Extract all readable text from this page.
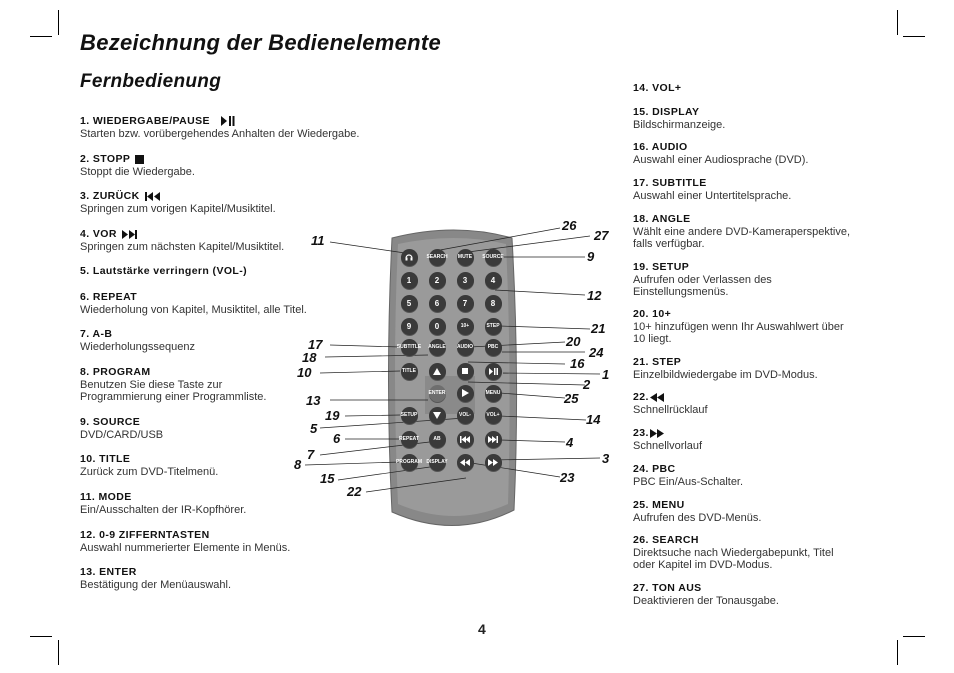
Bezeichnung der Bedienelemente
Fernbedienung
1. WIEDERGABE/PAUSE
Starten bzw. vorübergehendes Anhalten der Wiedergabe.
2. STOPP
Stoppt die Wiedergabe.
3. ZURÜCK
Springen zum vorigen Kapitel/Musiktitel.
4. VOR
Springen zum nächsten Kapitel/Musiktitel.
5. Lautstärke verringern (VOL-)
6. REPEAT
Wiederholung von Kapitel, Musiktitel, alle Titel.
7. A-B
Wiederholungssequenz
8. PROGRAM
Benutzen Sie diese Taste zur
Programmierung einer Programmliste.
9. SOURCE
DVD/CARD/USB
10. TITLE
Zurück zum DVD-Titelmenü.
11. MODE
Ein/Ausschalten der IR-Kopfhörer.
12. 0-9 ZIFFERNTASTEN
Auswahl nummerierter Elemente in Menüs.
13. ENTER
Bestätigung der Menüauswahl.
14. VOL+
15. DISPLAY
Bildschirmanzeige.
16. AUDIO
Auswahl einer Audiosprache (DVD).
17. SUBTITLE
Auswahl einer Untertitelsprache.
18. ANGLE
Wählt eine andere DVD-Kameraperspektive,
falls verfügbar.
19. SETUP
Aufrufen oder Verlassen des
Einstellungsmenüs.
20. 10+
10+ hinzufügen wenn Ihr Auswahlwert über
10 liegt.
21. STEP
Einzelbildwiedergabe im DVD-Modus.
22.
Schnellrücklauf
23.
Schnellvorlauf
24. PBC
PBC Ein/Aus-Schalter.
25. MENU
Aufrufen des DVD-Menüs.
26. SEARCH
Direktsuche nach Wiedergabepunkt, Titel
oder Kapitel im DVD-Modus.
27. TON AUS
Deaktivieren der Tonausgabe.
SEARCH MUTE SOURCE
1	2	3	4
5	6	7	8
9	0	10+	STEP
SUBTITLE ANGLE AUDIO	PBC
TITLE
ENTER	MENU
SETUP	VOL-	VOL+
REPEAT	AB
PROGRAM DISPLAY
26
27
11
9
12
21
17	20
18	24
16
10	1
2
13	25
19	14
5
6	4
7	3
8
23
15
22
4
